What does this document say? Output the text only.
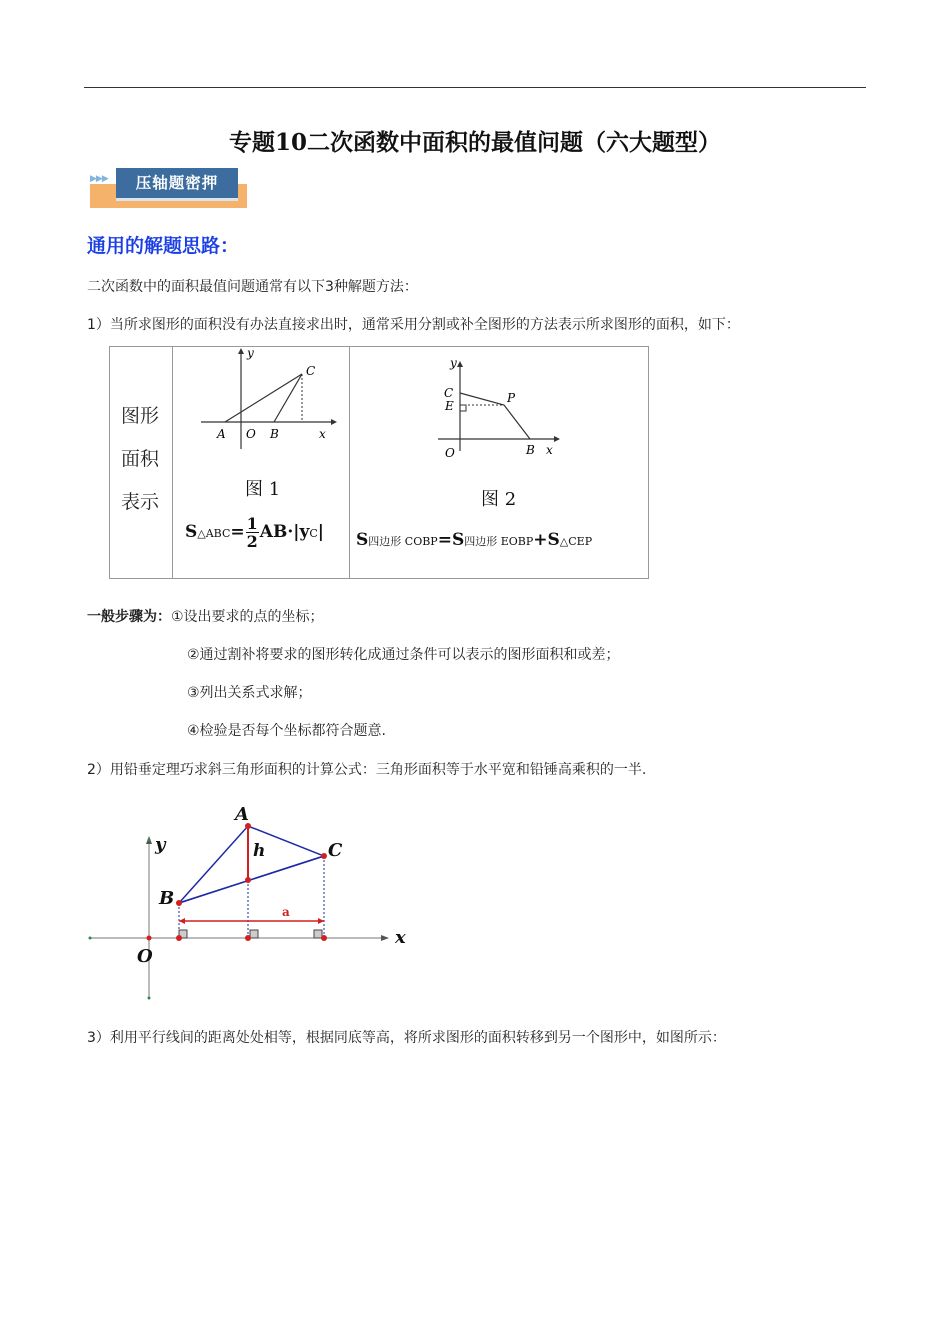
专题10二次函数中面积的最值问题（六大题型）
▶▶▶	压轴题密押
通用的解题思路：
二次函数中的面积最值问题通常有以下3种解题方法：
1）当所求图形的面积没有办法直接求出时，通常采用分割或补全图形的方法表示所求图形的面积，如下：
图形
面积
表示
y
x
A O B
C
图 1
S△ABC= $\frac{1}{2} AB\cdot|yC|$
y
x
C
E
P
O	B
图 2
S四边形 COBP=S四边形 EOBP+S△CEP
一般步骤为：①设出要求的点的坐标；
②通过割补将要求的图形转化成通过条件可以表示的图形面积和或差；
③列出关系式求解；
④检验是否每个坐标都符合题意.
2）用铅垂定理巧求斜三角形面积的计算公式：三角形面积等于水平宽和铅锤高乘积的一半.
A
B
C
h
a
y
x
O
3）利用平行线间的距离处处相等，根据同底等高，将所求图形的面积转移到另一个图形中，如图所示：
